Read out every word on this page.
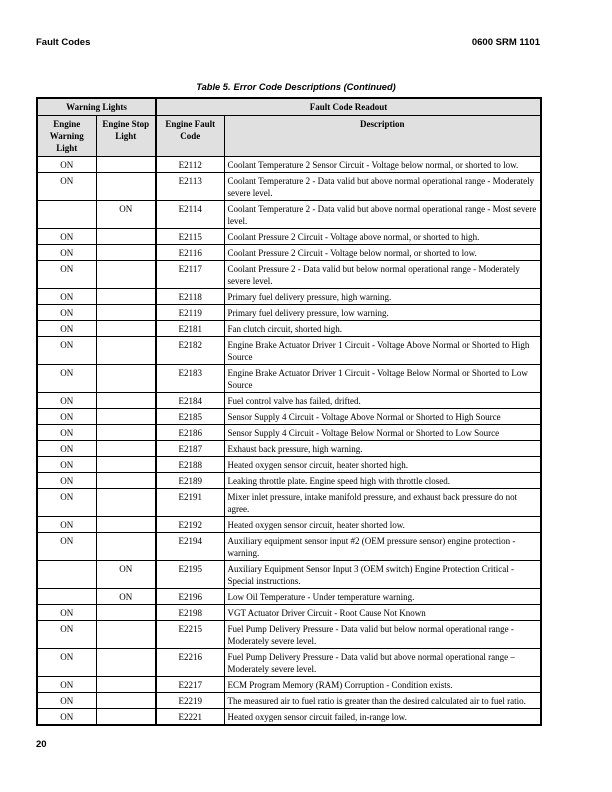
Fault Codes	0600 SRM 1101
Table 5. Error Code Descriptions (Continued)
Warning Lights		Fault Code Readout	
Engine Warning Light	Engine Stop Light	Engine Fault Code	Description
ON		E2112	Coolant Temperature 2 Sensor Circuit - Voltage below normal, or shorted to low.
ON		E2113	Coolant Temperature 2 - Data valid but above normal operational range - Moderately severe level.
	ON	E2114	Coolant Temperature 2 - Data valid but above normal operational range - Most severe level.
ON		E2115	Coolant Pressure 2 Circuit - Voltage above normal, or shorted to high.
ON		E2116	Coolant Pressure 2 Circuit - Voltage below normal, or shorted to low.
ON		E2117	Coolant Pressure 2 - Data valid but below normal operational range - Moderately severe level.
ON		E2118	Primary fuel delivery pressure, high warning.
ON		E2119	Primary fuel delivery pressure, low warning.
ON		E2181	Fan clutch circuit, shorted high.
ON		E2182	Engine Brake Actuator Driver 1 Circuit - Voltage Above Normal or Shorted to High Source
ON		E2183	Engine Brake Actuator Driver 1 Circuit - Voltage Below Normal or Shorted to Low Source
ON		E2184	Fuel control valve has failed, drifted.
ON		E2185	Sensor Supply 4 Circuit - Voltage Above Normal or Shorted to High Source
ON		E2186	Sensor Supply 4 Circuit - Voltage Below Normal or Shorted to Low Source
ON		E2187	Exhaust back pressure, high warning.
ON		E2188	Heated oxygen sensor circuit, heater shorted high.
ON		E2189	Leaking throttle plate. Engine speed high with throttle closed.
ON		E2191	Mixer inlet pressure, intake manifold pressure, and exhaust back pressure do not agree.
ON		E2192	Heated oxygen sensor circuit, heater shorted low.
ON		E2194	Auxiliary equipment sensor input #2 (OEM pressure sensor) engine protection - warning.
	ON	E2195	Auxiliary Equipment Sensor Input 3 (OEM switch) Engine Protection Critical - Special instructions.
	ON	E2196	Low Oil Temperature - Under temperature warning.
ON		E2198	VGT Actuator Driver Circuit - Root Cause Not Known
ON		E2215	Fuel Pump Delivery Pressure - Data valid but below normal operational range - Moderately severe level.
ON		E2216	Fuel Pump Delivery Pressure - Data valid but above normal operational range – Moderately severe level.
ON		E2217	ECM Program Memory (RAM) Corruption - Condition exists.
ON		E2219	The measured air to fuel ratio is greater than the desired calculated air to fuel ratio.
ON		E2221	Heated oxygen sensor circuit failed, in-range low.
20
